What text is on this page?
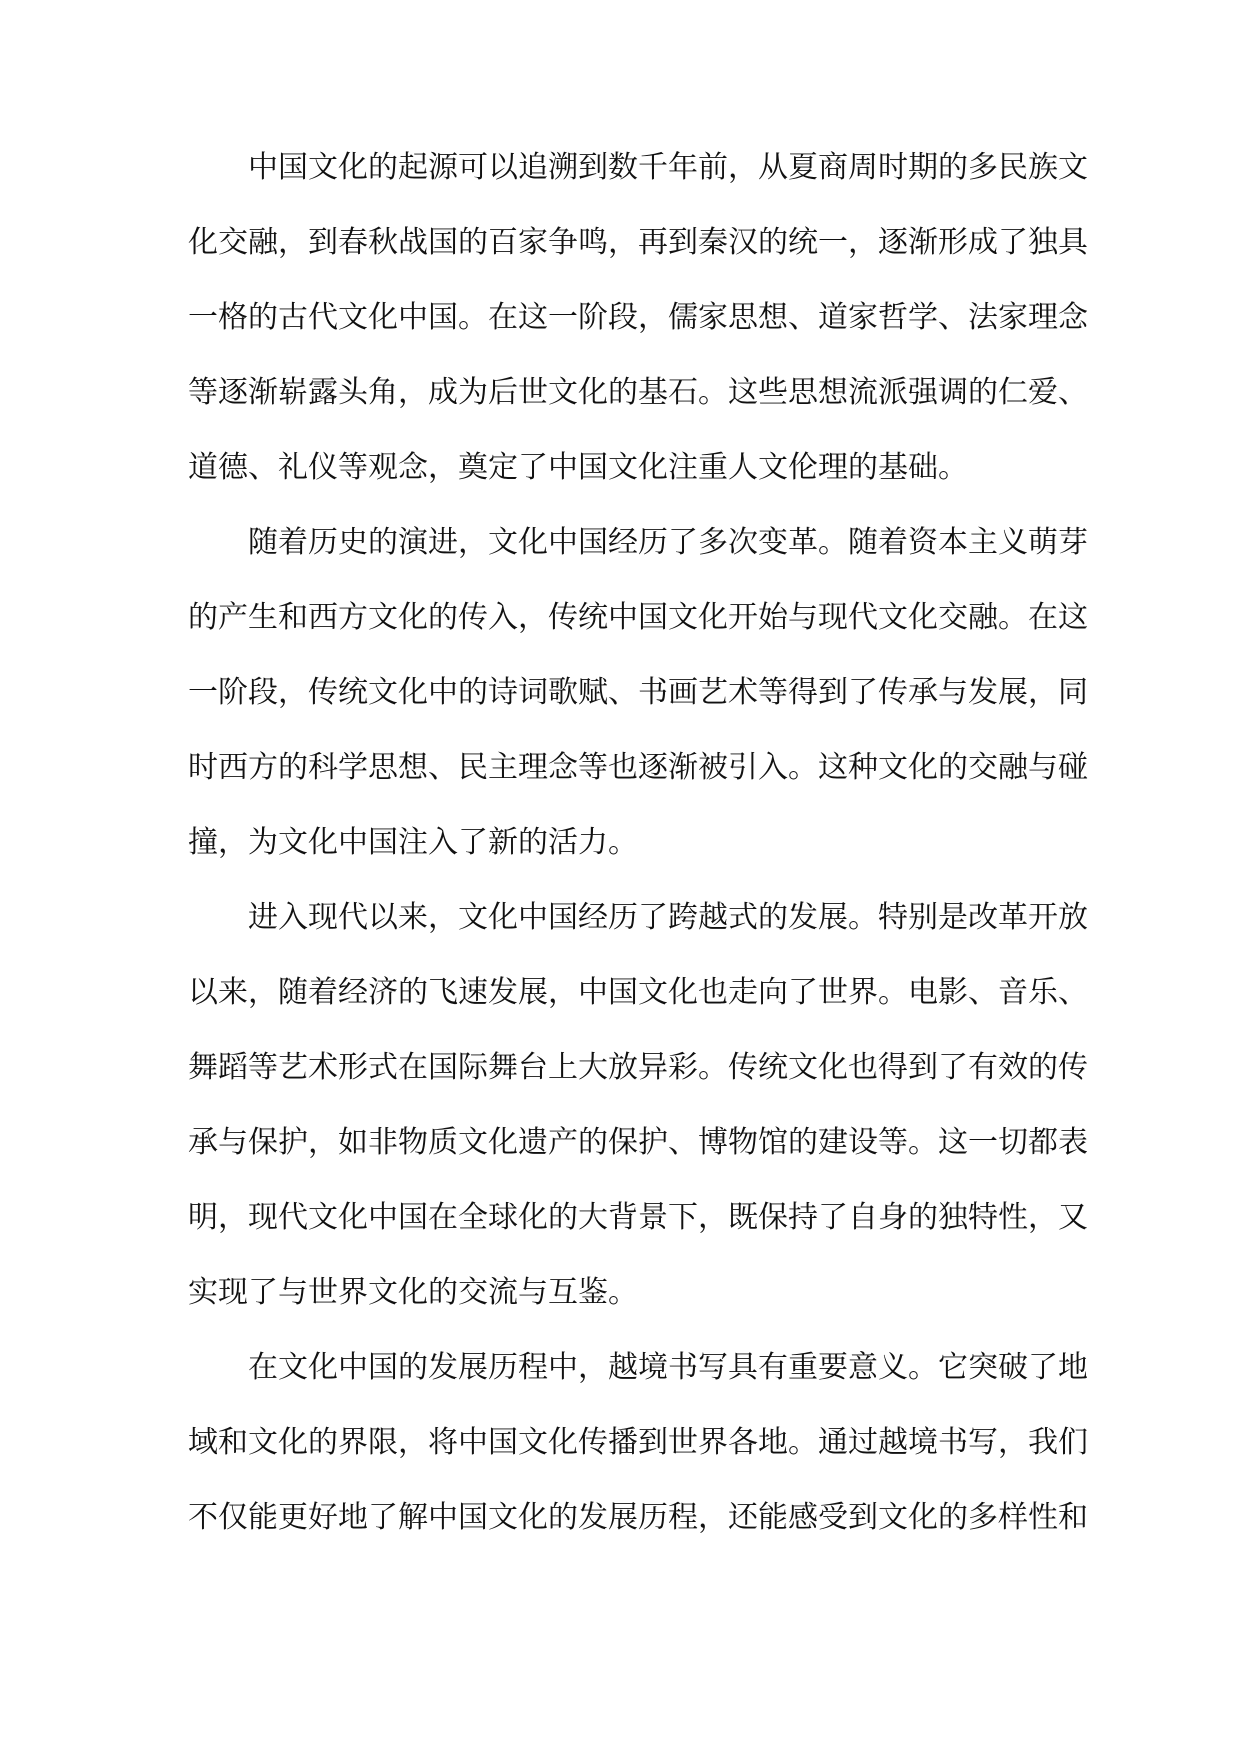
中国文化的起源可以追溯到数千年前，从夏商周时期的多民族文
化交融，到春秋战国的百家争鸣，再到秦汉的统一，逐渐形成了独具
一格的古代文化中国。在这一阶段，儒家思想、道家哲学、法家理念
等逐渐崭露头角，成为后世文化的基石。这些思想流派强调的仁爱、
道德、礼仪等观念，奠定了中国文化注重人文伦理的基础。
随着历史的演进，文化中国经历了多次变革。随着资本主义萌芽
的产生和西方文化的传入，传统中国文化开始与现代文化交融。在这
一阶段，传统文化中的诗词歌赋、书画艺术等得到了传承与发展，同
时西方的科学思想、民主理念等也逐渐被引入。这种文化的交融与碰
撞，为文化中国注入了新的活力。
进入现代以来，文化中国经历了跨越式的发展。特别是改革开放
以来，随着经济的飞速发展，中国文化也走向了世界。电影、音乐、
舞蹈等艺术形式在国际舞台上大放异彩。传统文化也得到了有效的传
承与保护，如非物质文化遗产的保护、博物馆的建设等。这一切都表
明，现代文化中国在全球化的大背景下，既保持了自身的独特性，又
实现了与世界文化的交流与互鉴。
在文化中国的发展历程中，越境书写具有重要意义。它突破了地
域和文化的界限，将中国文化传播到世界各地。通过越境书写，我们
不仅能更好地了解中国文化的发展历程，还能感受到文化的多样性和
